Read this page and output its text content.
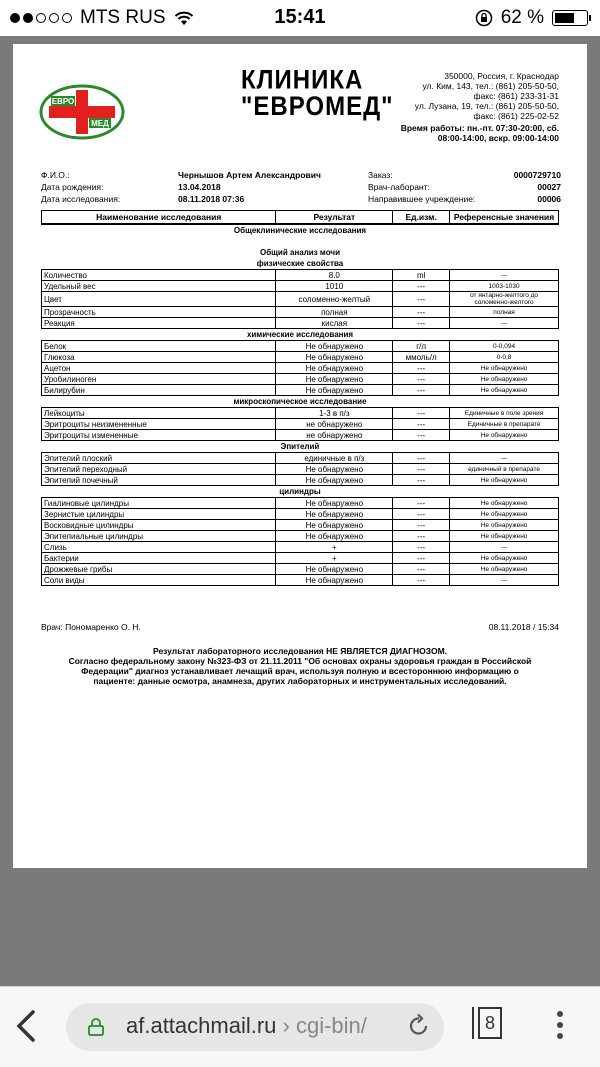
MTS RUS	15:41	62 %
ЕВРО
МЕД
КЛИНИКА
"ЕВРОМЕД"
350000, Россия, г. Краснодар
ул. Ким, 143, тел.: (861) 205-50-50,
факс: (861) 233-31-31
ул. Лузана, 19, тел.: (861) 205-50-50,
факс: (861) 225-02-52
Время работы: пн.-пт. 07:30-20:00, сб.
08:00-14:00, вскр. 09:00-14:00
Ф.И.О.:	Чернышов Артем Александрович	Заказ:	0000729710
Дата рождения:	13.04.2018	Врач-лаборант:	00027
Дата исследования:	08.11.2018 07:36	Направившее учреждение:	00006
Наименование исследования	Результат	Ед.изм.	Референсные значения
Общеклинические исследования			

Общий анализ мочи			
физические свойства			
Количество	8.0	ml	---
Удельный вес	1010	---	1003-1030
Цвет	соломенно-желтый	---	от янтарно-желтого до соломенно-желтого
Прозрачность	полная	---	полная
Реакция	кислая	---	---
химические исследования			
Белок	Не обнаружено	г/л	0-0,094
Глюкоза	Не обнаружено	ммоль/л	0-0,8
Ацетон	Не обнаружено	---	Не обнаружено
Уробилиноген	Не обнаружено	---	Не обнаружено
Билирубин	Не обнаружено	---	Не обнаружено
микроскопическое исследование			
Лейкоциты	1-3 в п/з	---	Единичные в поле зрения
Эритроциты неизмененные	не обнаружено	---	Единичные в препарате
Эритроциты измененные	не обнаружено	---	Не обнаружено
Эпителий			
Эпителий плоский	единичные в п/з	---	---
Эпителий переходный	Не обнаружено	---	единичный в препарате
Эпителий почечный	Не обнаружено	---	Не обнаружено
цилиндры			
Гиалиновые цилиндры	Не обнаружено	---	Не обнаружено
Зернистые цилиндры	Не обнаружено	---	Не обнаружено
Восковидные цилиндры	Не обнаружено	---	Не обнаружено
Эпителиальные цилиндры	Не обнаружено	---	Не обнаружено
Слизь	+	---	---
Бактерии	+	---	Не обнаружено
Дрожжевые грибы	Не обнаружено	---	Не обнаружено
Соли виды	Не обнаружено	---	---
Врач: Пономаренко О. Н.	08.11.2018 / 15:34
Результат лабораторного исследования НЕ ЯВЛЯЕТСЯ ДИАГНОЗОМ.
Согласно федеральному закону №323-ФЗ от 21.11.2011 "Об основах охраны здоровья граждан в Российской
Федерации" диагноз устанавливает лечащий врач, используя полную и всестороннюю информацию о
пациенте: данные осмотра, анамнеза, других лабораторных и инструментальных исследований.
af.attachmail.ru › cgi-bin/	8
